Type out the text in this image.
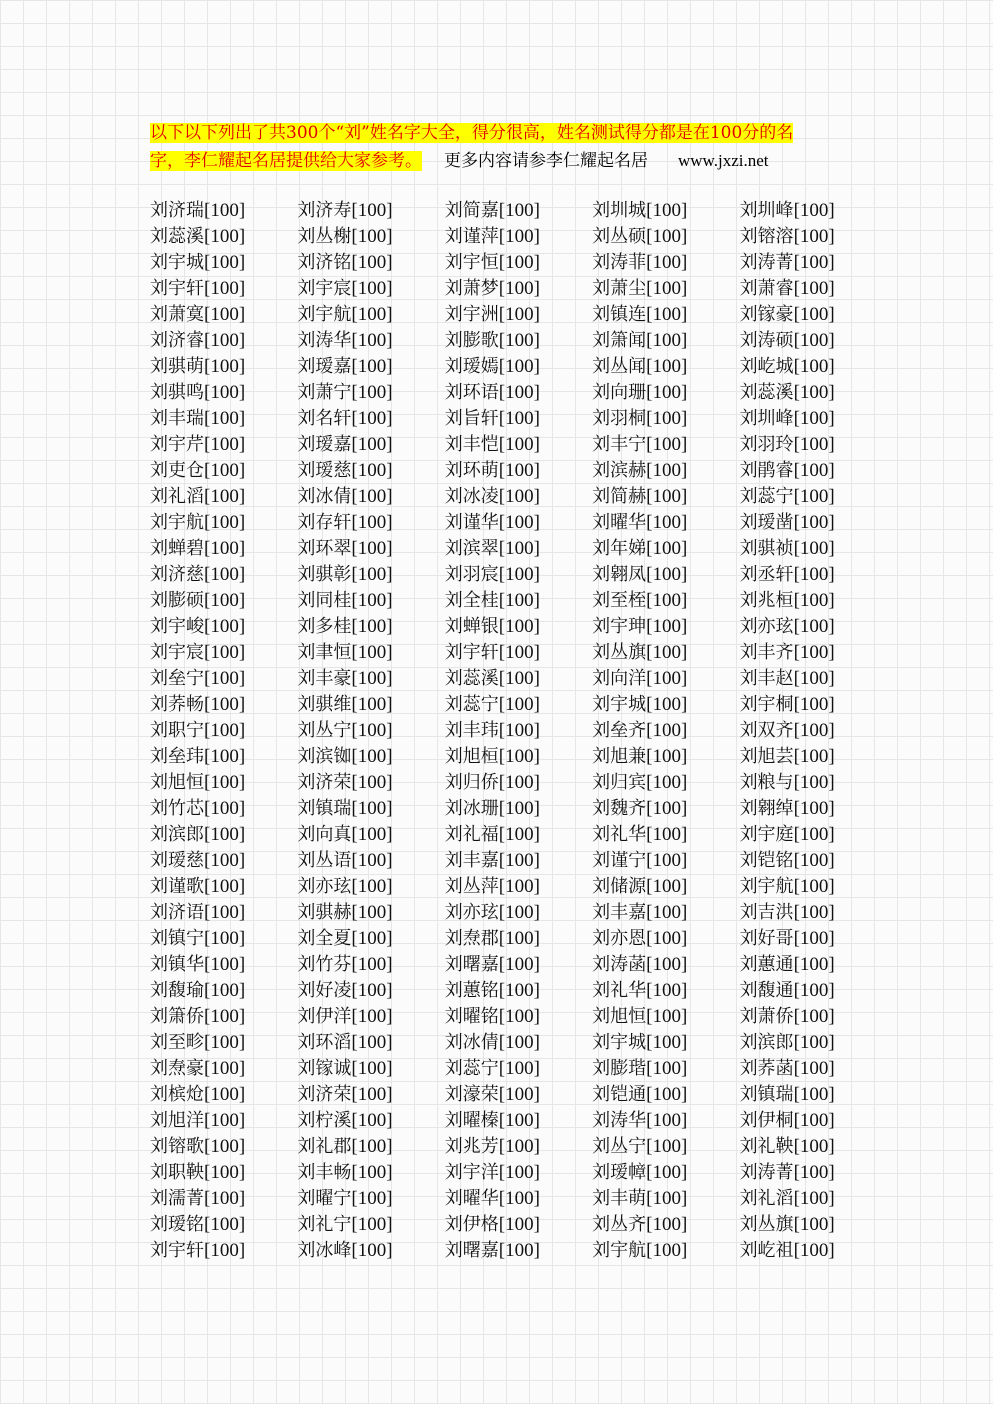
以下以下列出了共300个“刘”姓名字大全，得分很高，姓名测试得分都是在100分的名
字，李仁耀起名居提供给大家参考。 更多内容请参李仁耀起名居 www.jxzi.net
刘济瑞[100]	刘济寿[100]	刘简嘉[100]	刘圳城[100]	刘圳峰[100]
刘蕊溪[100]	刘丛榭[100]	刘谨萍[100]	刘丛硕[100]	刘镕溶[100]
刘宇城[100]	刘济铭[100]	刘宇恒[100]	刘涛菲[100]	刘涛菁[100]
刘宇轩[100]	刘宇宸[100]	刘萧梦[100]	刘萧尘[100]	刘萧睿[100]
刘萧寞[100]	刘宇航[100]	刘宇洲[100]	刘镇连[100]	刘镓豪[100]
刘济睿[100]	刘涛华[100]	刘膨歌[100]	刘箫闻[100]	刘涛硕[100]
刘骐萌[100]	刘瑷嘉[100]	刘瑷嫣[100]	刘丛闻[100]	刘屹城[100]
刘骐鸣[100]	刘萧宁[100]	刘环语[100]	刘向珊[100]	刘蕊溪[100]
刘丰瑞[100]	刘名轩[100]	刘旨轩[100]	刘羽桐[100]	刘圳峰[100]
刘宇芹[100]	刘瑷嘉[100]	刘丰恺[100]	刘丰宁[100]	刘羽玲[100]
刘吏仓[100]	刘瑷慈[100]	刘环萌[100]	刘滨赫[100]	刘鹃睿[100]
刘礼滔[100]	刘冰倩[100]	刘冰凌[100]	刘简赫[100]	刘蕊宁[100]
刘宇航[100]	刘存轩[100]	刘谨华[100]	刘曜华[100]	刘瑷凿[100]
刘蝉碧[100]	刘环翠[100]	刘滨翠[100]	刘年娣[100]	刘骐祯[100]
刘济慈[100]	刘骐彰[100]	刘羽宸[100]	刘翱凤[100]	刘丞轩[100]
刘膨硕[100]	刘同桂[100]	刘全桂[100]	刘至桎[100]	刘兆桓[100]
刘宇峻[100]	刘多桂[100]	刘蝉银[100]	刘宇珅[100]	刘亦玹[100]
刘宇宸[100]	刘聿恒[100]	刘宇轩[100]	刘丛旗[100]	刘丰齐[100]
刘垒宁[100]	刘丰豪[100]	刘蕊溪[100]	刘向洋[100]	刘丰赵[100]
刘荞畅[100]	刘骐维[100]	刘蕊宁[100]	刘宇城[100]	刘宇桐[100]
刘职宁[100]	刘丛宁[100]	刘丰玮[100]	刘垒齐[100]	刘双齐[100]
刘垒玮[100]	刘滨铷[100]	刘旭桓[100]	刘旭兼[100]	刘旭芸[100]
刘旭恒[100]	刘济荣[100]	刘归侨[100]	刘归宾[100]	刘粮与[100]
刘竹芯[100]	刘镇瑞[100]	刘冰珊[100]	刘魏齐[100]	刘翱绰[100]
刘滨郎[100]	刘向真[100]	刘礼福[100]	刘礼华[100]	刘宇庭[100]
刘瑷慈[100]	刘丛语[100]	刘丰嘉[100]	刘谨宁[100]	刘铠铭[100]
刘谨歌[100]	刘亦玹[100]	刘丛萍[100]	刘储源[100]	刘宇航[100]
刘济语[100]	刘骐赫[100]	刘亦玹[100]	刘丰嘉[100]	刘吉洪[100]
刘镇宁[100]	刘全夏[100]	刘焘郡[100]	刘亦恩[100]	刘好哥[100]
刘镇华[100]	刘竹芬[100]	刘曙嘉[100]	刘涛菡[100]	刘蕙通[100]
刘馥瑜[100]	刘好凌[100]	刘蕙铭[100]	刘礼华[100]	刘馥通[100]
刘箫侨[100]	刘伊洋[100]	刘曜铭[100]	刘旭恒[100]	刘萧侨[100]
刘至畛[100]	刘环滔[100]	刘冰倩[100]	刘宇城[100]	刘滨郎[100]
刘焘豪[100]	刘镓诚[100]	刘蕊宁[100]	刘膨瑎[100]	刘荞菡[100]
刘槟炝[100]	刘济荣[100]	刘濠荣[100]	刘铠通[100]	刘镇瑞[100]
刘旭洋[100]	刘柠溪[100]	刘曜榛[100]	刘涛华[100]	刘伊桐[100]
刘镕歌[100]	刘礼郡[100]	刘兆芳[100]	刘丛宁[100]	刘礼鞅[100]
刘职鞅[100]	刘丰畅[100]	刘宇洋[100]	刘瑷幛[100]	刘涛菁[100]
刘濡菁[100]	刘曜宁[100]	刘曜华[100]	刘丰萌[100]	刘礼滔[100]
刘瑷铭[100]	刘礼宁[100]	刘伊格[100]	刘丛齐[100]	刘丛旗[100]
刘宇轩[100]	刘冰峰[100]	刘曙嘉[100]	刘宇航[100]	刘屹祖[100]
